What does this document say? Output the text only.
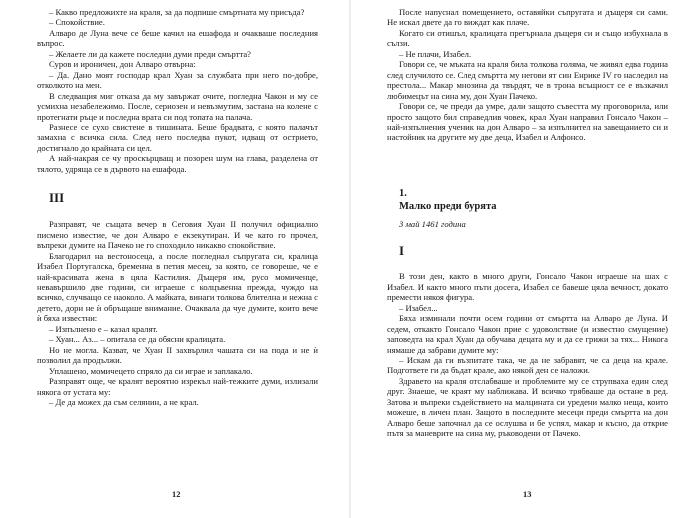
– Какво предложихте на краля, за да подпише смъртната му присъда?

– Спокойствие.

Алваро де Луна вече се беше качил на ешафода и очакваше последния въпрос.

– Желаете ли да кажете последни думи преди смъртта?

Суров и ироничен, дон Алваро отвърна:

– Да. Дано моят господар крал Хуан за службата при него по-добре, отколкото на мен.

В следващия миг отказа да му завържат очите, погледна Чакон и му се усмихна незабележимо. После, сериозен и невъзмутим, застана на колене с протегнати ръце и последна врата си под топата на палача.

Разнесе се сухо свистене в тишината. Беше брадвата, с която палачът замахна с всичка сила. След него последва пукот, идващ от острието, достигнало до крайната си цел.

А най-накрая се чу проскърцващ и позорен шум на глава, разделена от тялото, удряща се в дървото на ешафода.

III

Разправят, че същата вечер в Сеговия Хуан II получил официално писмено известие, че дон Алваро е екзекутиран. И че като го прочел, въпреки думите на Пачеко не го споходило никакво спокойствие.

Благодарил на вестоносеца, а после погледнал съпругата си, кралица Изабел Португалска, бременна в петия месец, за която, се говореше, че е най-красивата жена в цяла Кастилия. Дъщеря им, русо момиченце, невавършило две години, си играеше с колцъвенна прежда, чуждо на всичко, случващо се наоколо. А майката, винаги толкова блителна и нежна с детето, дори не ѝ обръщаше внимание. Очаквала да чуе думите, които вече ѝ бяха известни:

– Изпълнено е – казал кралят.

– Хуан... Аз... – опитала се да обясни кралицата.

Но не могла. Казват, че Хуан II захвърлил чашата си на пода и не ѝ позволил да продължи.

Уплашено, момичецето спряло да си играе и заплакало.

Разправят още, че кралят вероятно изрекъл най-тежките думи, излизали някога от устата му:

– Де да можех да съм селянин, а не крал.

12

После напуснал помещението, оставяйки съпругата и дъщеря си сами. Не искал двете да го виждат как плаче.

Когато си отишъл, кралицата прегърнала дъщеря си и също избухнала в сълзи.

– Не плачи, Изабел.

Говори се, че мъката на краля била толкова голяма, че живял едва година след случилото се. След смъртта му негови ят син Енрике IV го наследил на престола... Макар мнозина да твърдят, че в трона всъщност се е възкачил любимецът на сина му, дон Хуан Пачеко.

Говори се, че преди да умре, дали защото съвестта му проговорила, или просто защото бил справедлив човек, крал Хуан направил Гонсало Чакон – най-изпълнения ученик на дон Алваро – за изпълнител на завещанието си и настойник на другите му две деца, Изабел и Алфонсо.

1.

Малко преди бурята

3 май 1461 година

I

В този ден, както в много други, Гонсало Чакон играеше на шах с Изабел. И както много пъти досега, Изабел се бавеше цяла вечност, докато премести някоя фигура.

– Изабел...

Бяха изминали почти осем години от смъртта на Алваро де Луна. И седем, откакто Гонсало Чакон прие с удоволствие (и известно смущение) заповедта на крал Хуан да обучава децата му и да се грижи за тях... Никога нямаше да забрави думите му:

– Искам да ги възпитате така, че да не забравят, че са деца на крале. Подгответе ги да бъдат крале, ако някой ден се наложи.

Здравето на краля отслабваше и проблемите му се струпваха един след друг. Знаеше, че краят му наближава. И всичко трябваше да остане в ред. Затова и въпреки съдействието на малцината си уредени малко неща, които можеше, в личен план. Защото в последните месеци преди смъртта на дон Алваро беше започнал да се ослушва и бе успял, макар и късно, да открие пътя за маневрите на сина му, ръководени от Пачеко.

13
